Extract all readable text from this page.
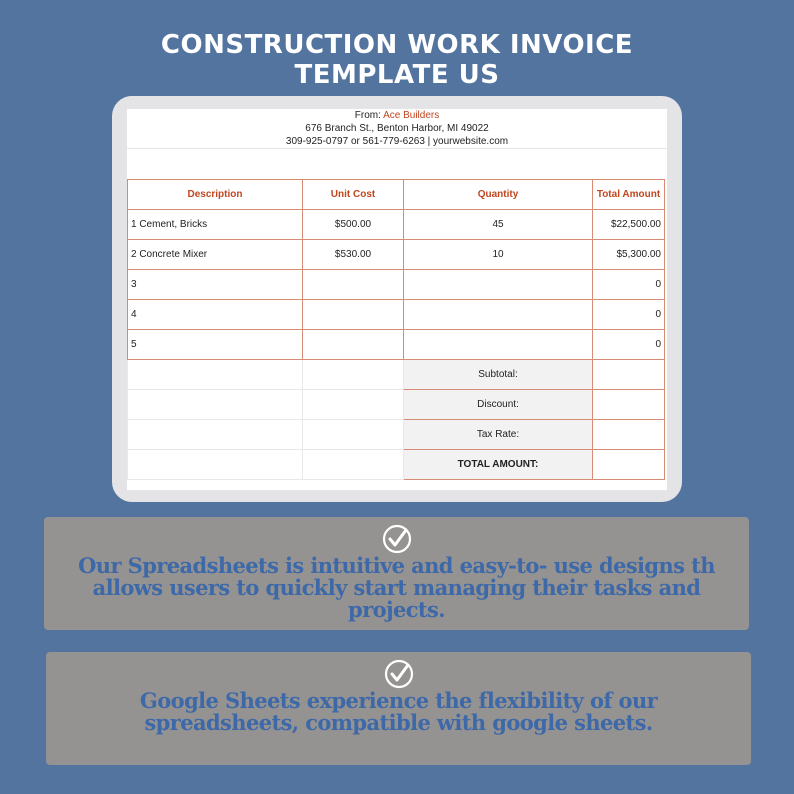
CONSTRUCTION WORK INVOICE
TEMPLATE US
From: Ace Builders
676 Branch St., Benton Harbor, MI 49022
309-925-0797 or 561-779-6263 | yourwebsite.com
Description	Unit Cost	Quantity	Total Amount
1 Cement, Bricks	$500.00	45	$22,500.00
2 Concrete Mixer	$530.00	10	$5,300.00
3			0
4			0
5			0
		Subtotal:	
		Discount:	
		Tax Rate:	
		TOTAL AMOUNT:	
Our Spreadsheets is intuitive and easy-to- use designs th allows users to quickly start managing their tasks and projects.
Google Sheets experience the flexibility of our spreadsheets, compatible with google sheets.
